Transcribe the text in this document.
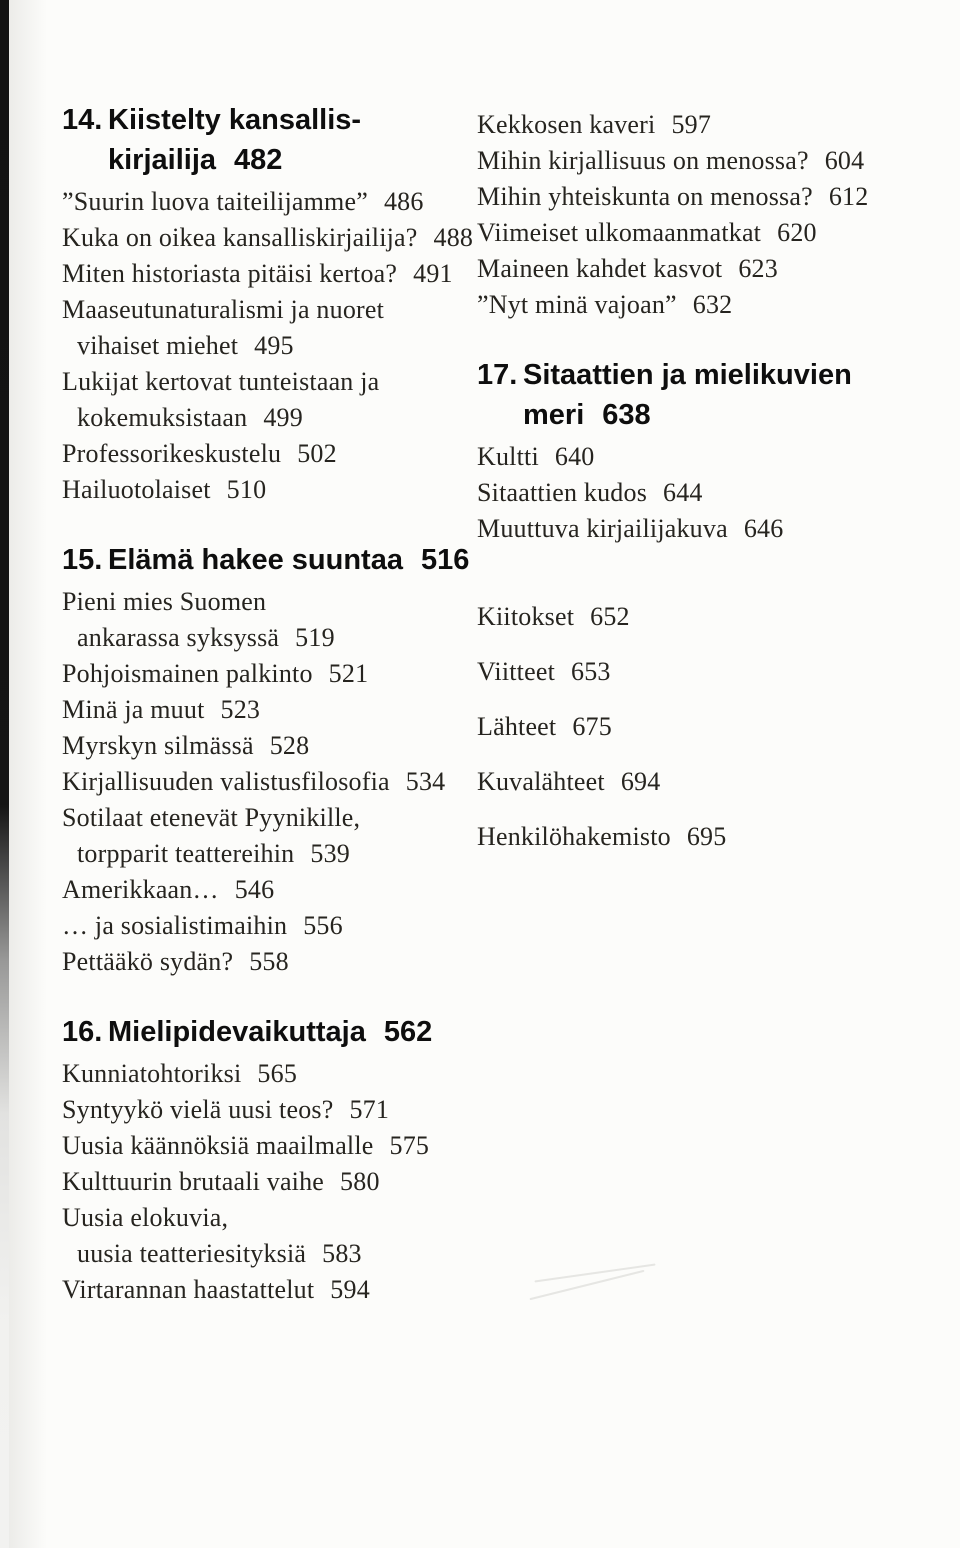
14. Kiistelty kansallis-
kirjailija 482
”Suurin luova taiteilijamme” 486
Kuka on oikea kansalliskirjailija? 488
Miten historiasta pitäisi kertoa? 491
Maaseutunaturalismi ja nuoret
vihaiset miehet 495
Lukijat kertovat tunteistaan ja
kokemuksistaan 499
Professorikeskustelu 502
Hailuotolaiset 510
15. Elämä hakee suuntaa 516
Pieni mies Suomen
ankarassa syksyssä 519
Pohjoismainen palkinto 521
Minä ja muut 523
Myrskyn silmässä 528
Kirjallisuuden valistusfilosofia 534
Sotilaat etenevät Pyynikille,
torpparit teattereihin 539
Amerikkaan… 546
… ja sosialistimaihin 556
Pettääkö sydän? 558
16. Mielipidevaikuttaja 562
Kunniatohtoriksi 565
Syntyykö vielä uusi teos? 571
Uusia käännöksiä maailmalle 575
Kulttuurin brutaali vaihe 580
Uusia elokuvia,
uusia teatteriesityksiä 583
Virtarannan haastattelut 594
Kekkosen kaveri 597
Mihin kirjallisuus on menossa? 604
Mihin yhteiskunta on menossa? 612
Viimeiset ulkomaanmatkat 620
Maineen kahdet kasvot 623
”Nyt minä vajoan” 632
17. Sitaattien ja mielikuvien
meri 638
Kultti 640
Sitaattien kudos 644
Muuttuva kirjailijakuva 646
Kiitokset 652
Viitteet 653
Lähteet 675
Kuvalähteet 694
Henkilöhakemisto 695
